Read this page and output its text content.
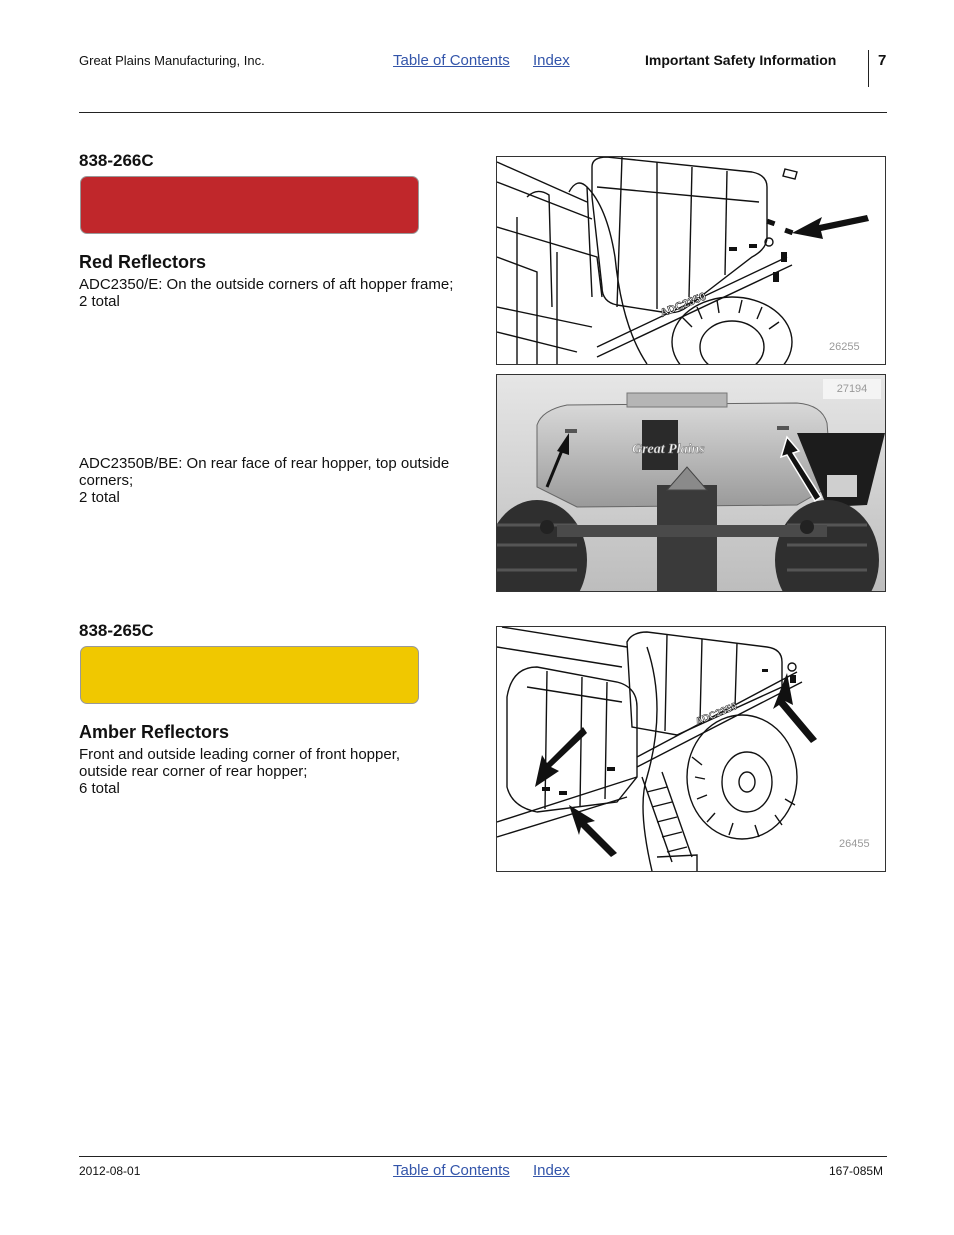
Great Plains Manufacturing, Inc.	Table of Contents Index	Important Safety Information	7
838-266C
Red Reflectors
ADC2350/E: On the outside corners of aft hopper frame;
2 total
ADC2350B/BE: On rear face of rear hopper, top outside
corners;
2 total
ADC2350
26255
Great Plains
27194
838-265C
Amber Reflectors
Front and outside leading corner of front hopper,
outside rear corner of rear hopper;
6 total
ADC2350
26455
2012-08-01	Table of Contents Index	167-085M
